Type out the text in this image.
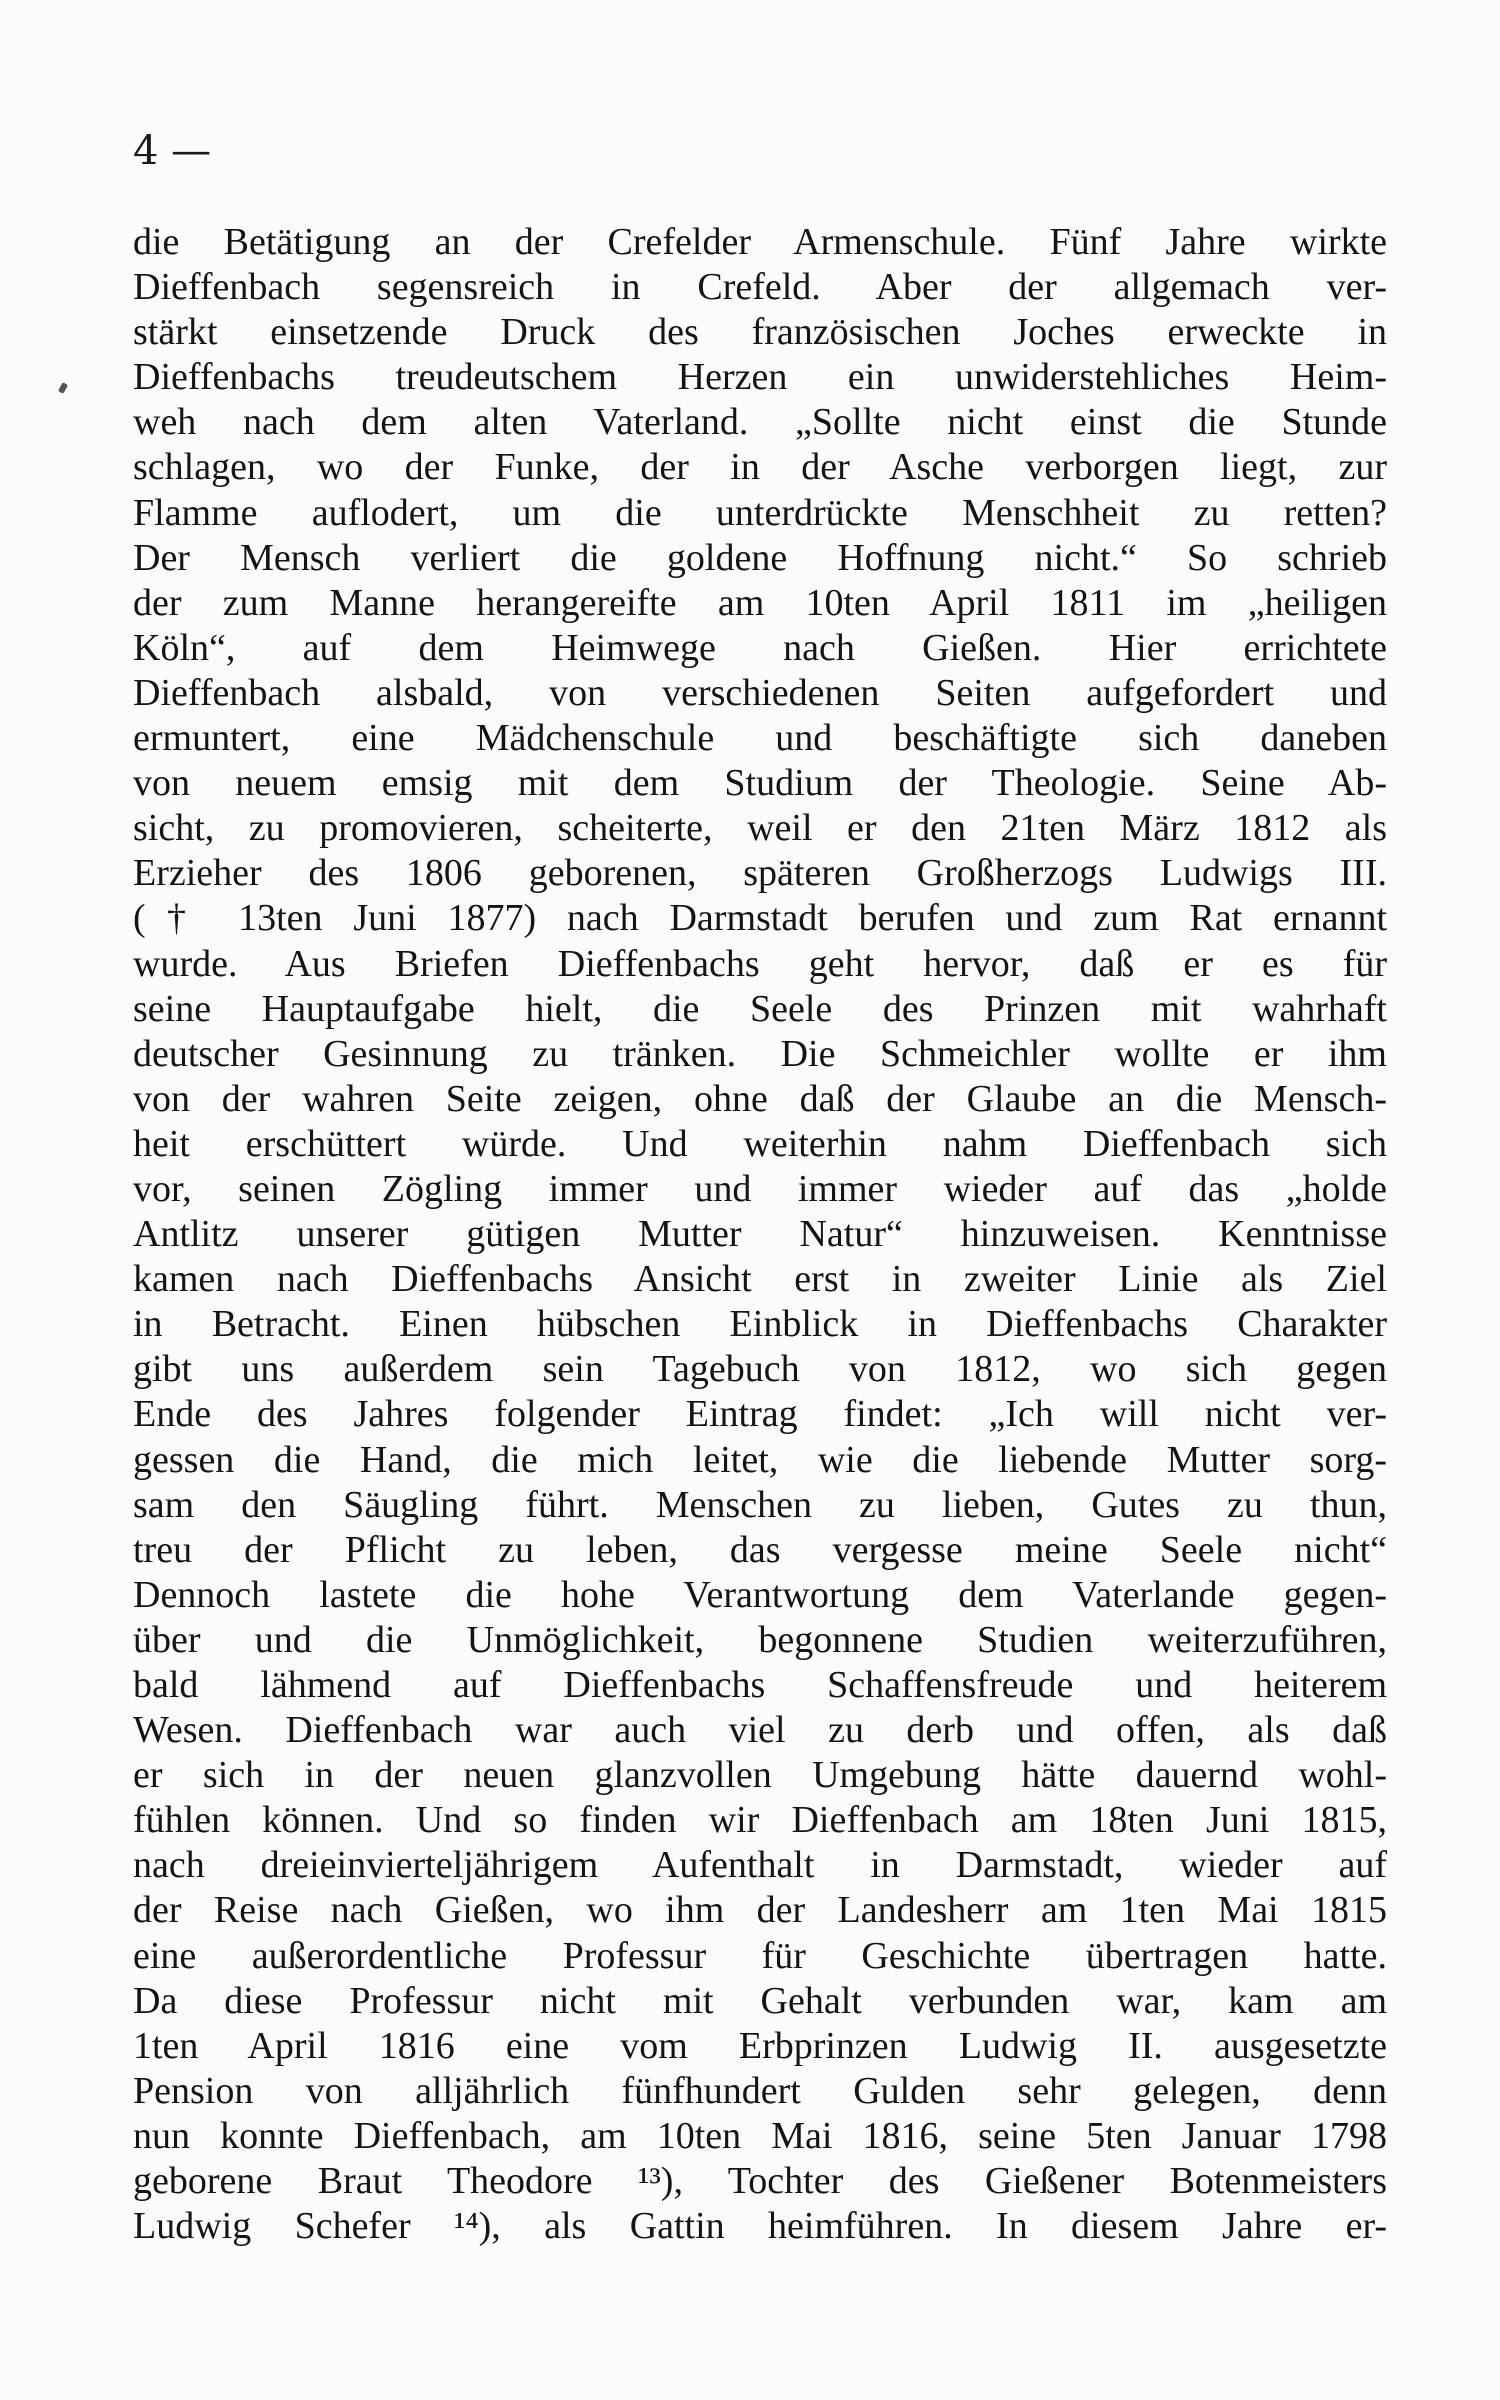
4 —
die Betätigung an der Crefelder Armenschule. Fünf Jahre wirkte
Dieffenbach segensreich in Crefeld. Aber der allgemach ver-
stärkt einsetzende Druck des französischen Joches erweckte in
Dieffenbachs treudeutschem Herzen ein unwiderstehliches Heim-
weh nach dem alten Vaterland. „Sollte nicht einst die Stunde
schlagen, wo der Funke, der in der Asche verborgen liegt, zur
Flamme auflodert, um die unterdrückte Menschheit zu retten?
Der Mensch verliert die goldene Hoffnung nicht.“ So schrieb
der zum Manne herangereifte am 10ten April 1811 im „heiligen
Köln“, auf dem Heimwege nach Gießen. Hier errichtete
Dieffenbach alsbald, von verschiedenen Seiten aufgefordert und
ermuntert, eine Mädchenschule und beschäftigte sich daneben
von neuem emsig mit dem Studium der Theologie. Seine Ab-
sicht, zu promovieren, scheiterte, weil er den 21ten März 1812 als
Erzieher des 1806 geborenen, späteren Großherzogs Ludwigs III.
(† 13ten Juni 1877) nach Darmstadt berufen und zum Rat ernannt
wurde. Aus Briefen Dieffenbachs geht hervor, daß er es für
seine Hauptaufgabe hielt, die Seele des Prinzen mit wahrhaft
deutscher Gesinnung zu tränken. Die Schmeichler wollte er ihm
von der wahren Seite zeigen, ohne daß der Glaube an die Mensch-
heit erschüttert würde. Und weiterhin nahm Dieffenbach sich
vor, seinen Zögling immer und immer wieder auf das „holde
Antlitz unserer gütigen Mutter Natur“ hinzuweisen. Kenntnisse
kamen nach Dieffenbachs Ansicht erst in zweiter Linie als Ziel
in Betracht. Einen hübschen Einblick in Dieffenbachs Charakter
gibt uns außerdem sein Tagebuch von 1812, wo sich gegen
Ende des Jahres folgender Eintrag findet: „Ich will nicht ver-
gessen die Hand, die mich leitet, wie die liebende Mutter sorg-
sam den Säugling führt. Menschen zu lieben, Gutes zu thun,
treu der Pflicht zu leben, das vergesse meine Seele nicht“
Dennoch lastete die hohe Verantwortung dem Vaterlande gegen-
über und die Unmöglichkeit, begonnene Studien weiterzuführen,
bald lähmend auf Dieffenbachs Schaffensfreude und heiterem
Wesen. Dieffenbach war auch viel zu derb und offen, als daß
er sich in der neuen glanzvollen Umgebung hätte dauernd wohl-
fühlen können. Und so finden wir Dieffenbach am 18ten Juni 1815,
nach dreieinvierteljährigem Aufenthalt in Darmstadt, wieder auf
der Reise nach Gießen, wo ihm der Landesherr am 1ten Mai 1815
eine außerordentliche Professur für Geschichte übertragen hatte.
Da diese Professur nicht mit Gehalt verbunden war, kam am
1ten April 1816 eine vom Erbprinzen Ludwig II. ausgesetzte
Pension von alljährlich fünfhundert Gulden sehr gelegen, denn
nun konnte Dieffenbach, am 10ten Mai 1816, seine 5ten Januar 1798
geborene Braut Theodore ¹³), Tochter des Gießener Botenmeisters
Ludwig Schefer ¹⁴), als Gattin heimführen. In diesem Jahre er-
